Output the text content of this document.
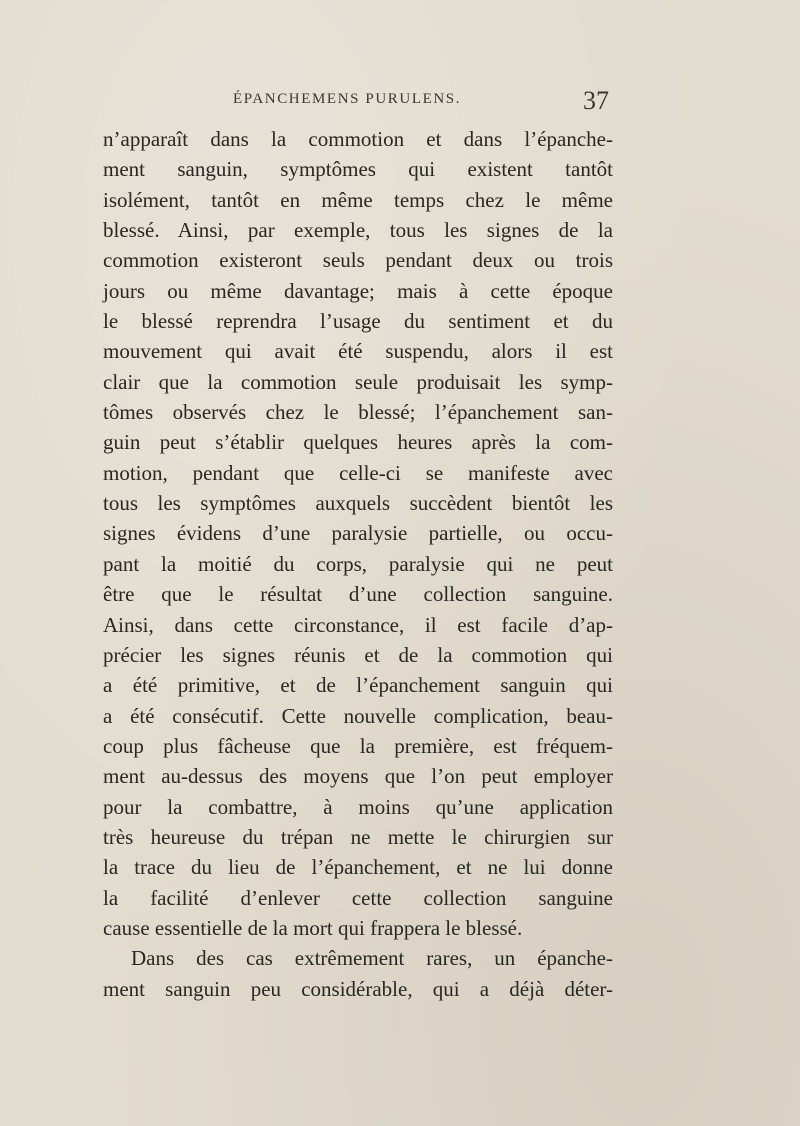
ÉPANCHEMENS PURULENS.	37
n’apparaît dans la commotion et dans l’épanche-
ment sanguin, symptômes qui existent tantôt
isolément, tantôt en même temps chez le même
blessé. Ainsi, par exemple, tous les signes de la
commotion existeront seuls pendant deux ou trois
jours ou même davantage; mais à cette époque
le blessé reprendra l’usage du sentiment et du
mouvement qui avait été suspendu, alors il est
clair que la commotion seule produisait les symp-
tômes observés chez le blessé; l’épanchement san-
guin peut s’établir quelques heures après la com-
motion, pendant que celle-ci se manifeste avec
tous les symptômes auxquels succèdent bientôt les
signes évidens d’une paralysie partielle, ou occu-
pant la moitié du corps, paralysie qui ne peut
être que le résultat d’une collection sanguine.
Ainsi, dans cette circonstance, il est facile d’ap-
précier les signes réunis et de la commotion qui
a été primitive, et de l’épanchement sanguin qui
a été consécutif. Cette nouvelle complication, beau-
coup plus fâcheuse que la première, est fréquem-
ment au-dessus des moyens que l’on peut employer
pour la combattre, à moins qu’une application
très heureuse du trépan ne mette le chirurgien sur
la trace du lieu de l’épanchement, et ne lui donne
la facilité d’enlever cette collection sanguine
cause essentielle de la mort qui frappera le blessé.
Dans des cas extrêmement rares, un épanche-
ment sanguin peu considérable, qui a déjà déter-
